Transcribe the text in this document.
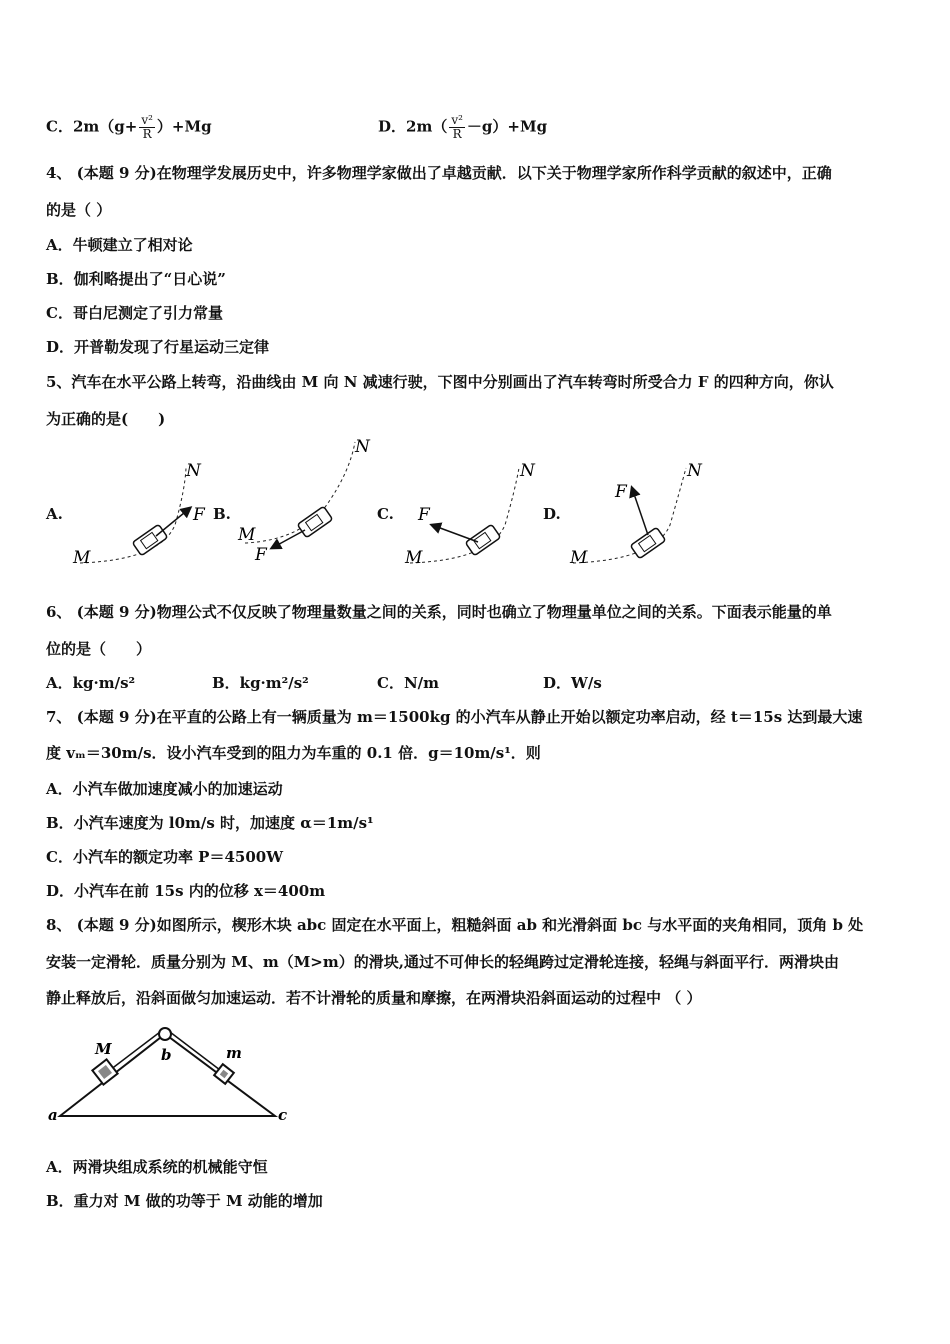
C．$2m(g+ \frac{\text{v²}}{R} )+Mg$	D．$2m( \frac{\text{v²}}{R} -g)+Mg$
4、 (本题 9 分)在物理学发展历史中，许多物理学家做出了卓越贡献．以下关于物理学家所作科学贡献的叙述中，正确
的是（ ）
A．牛顿建立了相对论
B．伽利略提出了“日心说”
C．哥白尼测定了引力常量
D．开普勒发现了行星运动三定律
5、汽车在水平公路上转弯，沿曲线由 M 向 N 减速行驶，下图中分别画出了汽车转弯时所受合力 F 的四种方向，你认
为正确的是(　　)
A.	B.	C.	D.
M
N
F
M
N
F	M
N
F
M
N
F
6、 (本题 9 分)物理公式不仅反映了物理量数量之间的关系，同时也确立了物理量单位之间的关系。下面表示能量的单
位的是（　　）
A．kg·m/s²	B．kg·m²/s²	C．N/m	D．W/s
7、 (本题 9 分)在平直的公路上有一辆质量为 m＝1500kg 的小汽车从静止开始以额定功率启动，经 t＝15s 达到最大速
度 vₘ＝30m/s．设小汽车受到的阻力为车重的 0.1 倍．g＝10m/s¹．则
A．小汽车做加速度减小的加速运动
B．小汽车速度为 l0m/s 时，加速度 α＝1m/s¹
C．小汽车的额定功率 P＝4500W
D．小汽车在前 15s 内的位移 x＝400m
8、 (本题 9 分)如图所示，楔形木块 abc 固定在水平面上，粗糙斜面 ab 和光滑斜面 bc 与水平面的夹角相同，顶角 b 处
安装一定滑轮．质量分别为 M、m（M>m）的滑块,通过不可伸长的轻绳跨过定滑轮连接，轻绳与斜面平行．两滑块由
静止释放后，沿斜面做匀加速运动．若不计滑轮的质量和摩擦，在两滑块沿斜面运动的过程中 （ ）
a
b
c
M	m
A．两滑块组成系统的机械能守恒
B．重力对 M 做的功等于 M 动能的增加
